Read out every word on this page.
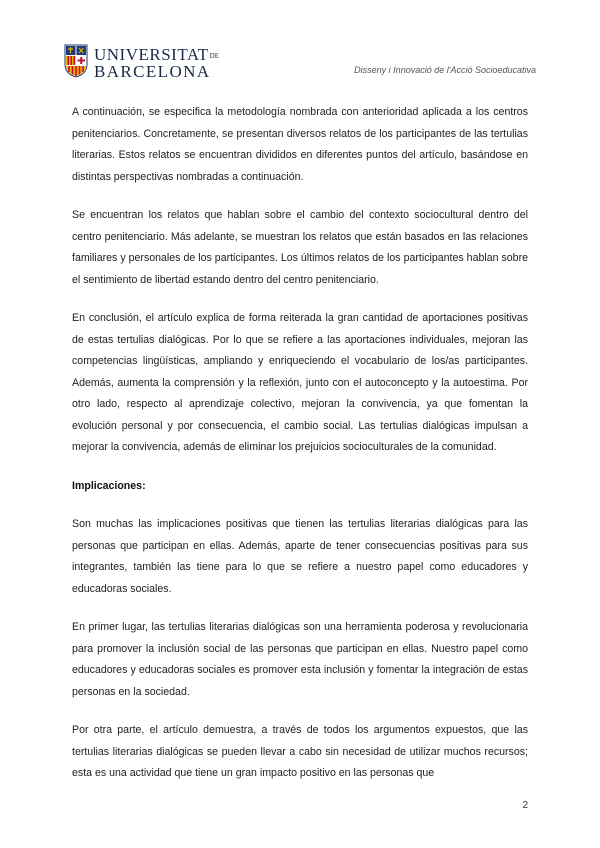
UNIVERSITATDE
BARCELONA	Disseny i Innovació de l'Acció Socioeducativa

A continuación, se especifica la metodología nombrada con anterioridad aplicada a los centros penitenciarios. Concretamente, se presentan diversos relatos de los participantes de las tertulias literarias. Estos relatos se encuentran divididos en diferentes puntos del artículo, basándose en distintas perspectivas nombradas a continuación.

Se encuentran los relatos que hablan sobre el cambio del contexto sociocultural dentro del centro penitenciario. Más adelante, se muestran los relatos que están basados en las relaciones familiares y personales de los participantes. Los últimos relatos de los participantes hablan sobre el sentimiento de libertad estando dentro del centro penitenciario.

En conclusión, el artículo explica de forma reiterada la gran cantidad de aportaciones positivas de estas tertulias dialógicas. Por lo que se refiere a las aportaciones individuales, mejoran las competencias lingüísticas, ampliando y enriqueciendo el vocabulario de los/as participantes. Además, aumenta la comprensión y la reflexión, junto con el autoconcepto y la autoestima. Por otro lado, respecto al aprendizaje colectivo, mejoran la convivencia, ya que fomentan la evolución personal y por consecuencia, el cambio social. Las tertulias dialógicas impulsan a mejorar la convivencia, además de eliminar los prejuicios socioculturales de la comunidad.

Implicaciones:

Son muchas las implicaciones positivas que tienen las tertulias literarias dialógicas para las personas que participan en ellas. Además, aparte de tener consecuencias positivas para sus integrantes, también las tiene para lo que se refiere a nuestro papel como educadores y educadoras sociales.

En primer lugar, las tertulias literarias dialógicas son una herramienta poderosa y revolucionaria para promover la inclusión social de las personas que participan en ellas. Nuestro papel como educadores y educadoras sociales es promover esta inclusión y fomentar la integración de estas personas en la sociedad.

Por otra parte, el artículo demuestra, a través de todos los argumentos expuestos, que las tertulias literarias dialógicas se pueden llevar a cabo sin necesidad de utilizar muchos recursos; esta es una actividad que tiene un gran impacto positivo en las personas que

2
